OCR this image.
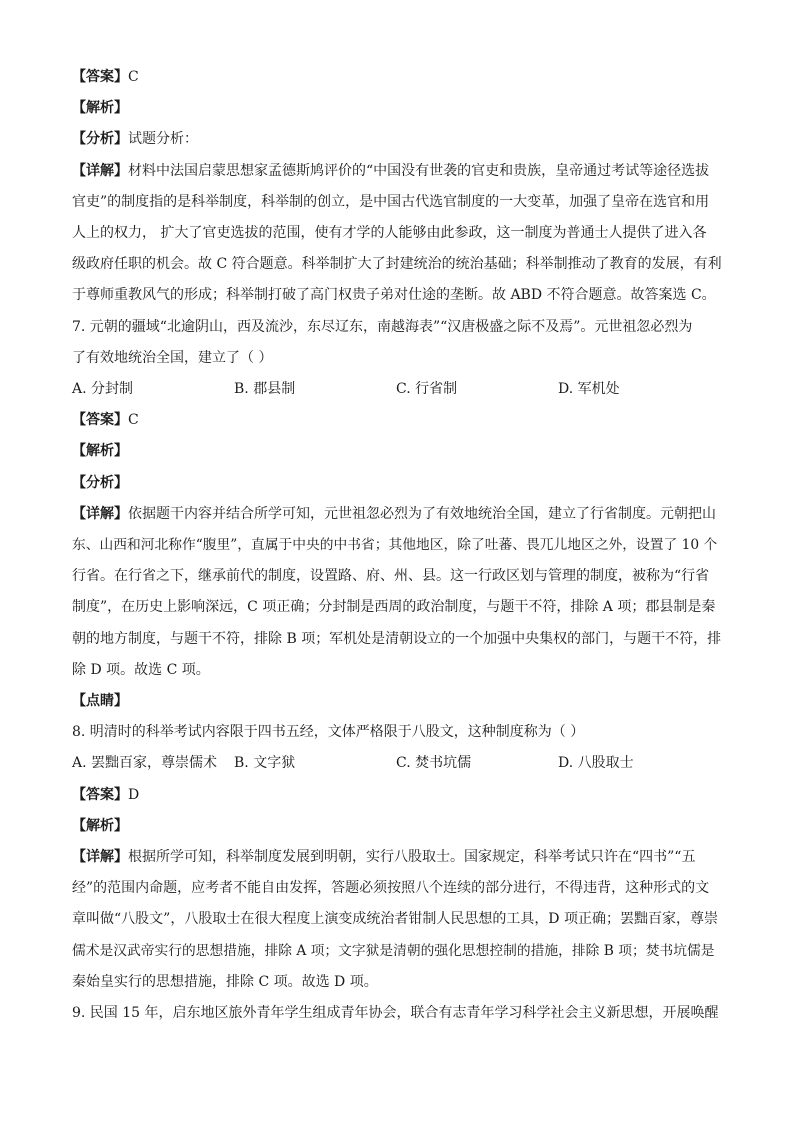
【答案】C
【解析】
【分析】试题分析：
【详解】材料中法国启蒙思想家孟德斯鸠评价的“中国没有世袭的官吏和贵族，皇帝通过考试等途径选拔
官吏”的制度指的是科举制度，科举制的创立，是中国古代选官制度的一大变革，加强了皇帝在选官和用
人上的权力， 扩大了官吏选拔的范围，使有才学的人能够由此参政，这一制度为普通士人提供了进入各
级政府任职的机会。故 C 符合题意。科举制扩大了封建统治的统治基础；科举制推动了教育的发展，有利
于尊师重教风气的形成；科举制打破了高门权贵子弟对仕途的垄断。故 ABD 不符合题意。故答案选 C。
7. 元朝的疆域“北逾阴山，西及流沙，东尽辽东，南越海表”“汉唐极盛之际不及焉”。元世祖忽必烈为
了有效地统治全国，建立了（ ）
A. 分封制	B. 郡县制	C. 行省制	D. 军机处
【答案】C
【解析】
【分析】
【详解】依据题干内容并结合所学可知，元世祖忽必烈为了有效地统治全国，建立了行省制度。元朝把山
东、山西和河北称作“腹里”，直属于中央的中书省；其他地区，除了吐蕃、畏兀儿地区之外，设置了 10 个
行省。在行省之下，继承前代的制度，设置路、府、州、县。这一行政区划与管理的制度，被称为“行省
制度”，在历史上影响深远，C 项正确；分封制是西周的政治制度，与题干不符，排除 A 项；郡县制是秦
朝的地方制度，与题干不符，排除 B 项；军机处是清朝设立的一个加强中央集权的部门，与题干不符，排
除 D 项。故选 C 项。
【点睛】
8. 明清时的科举考试内容限于四书五经，文体严格限于八股文，这种制度称为（ ）
A. 罢黜百家，尊崇儒术	B. 文字狱	C. 焚书坑儒	D. 八股取士
【答案】D
【解析】
【详解】根据所学可知，科举制度发展到明朝，实行八股取士。国家规定，科举考试只许在“四书”“五
经”的范围内命题，应考者不能自由发挥，答题必须按照八个连续的部分进行，不得违背，这种形式的文
章叫做“八股文”，八股取士在很大程度上演变成统治者钳制人民思想的工具，D 项正确；罢黜百家，尊崇
儒术是汉武帝实行的思想措施，排除 A 项；文字狱是清朝的强化思想控制的措施，排除 B 项；焚书坑儒是
秦始皇实行的思想措施，排除 C 项。故选 D 项。
9. 民国 15 年，启东地区旅外青年学生组成青年协会，联合有志青年学习科学社会主义新思想，开展唤醒
